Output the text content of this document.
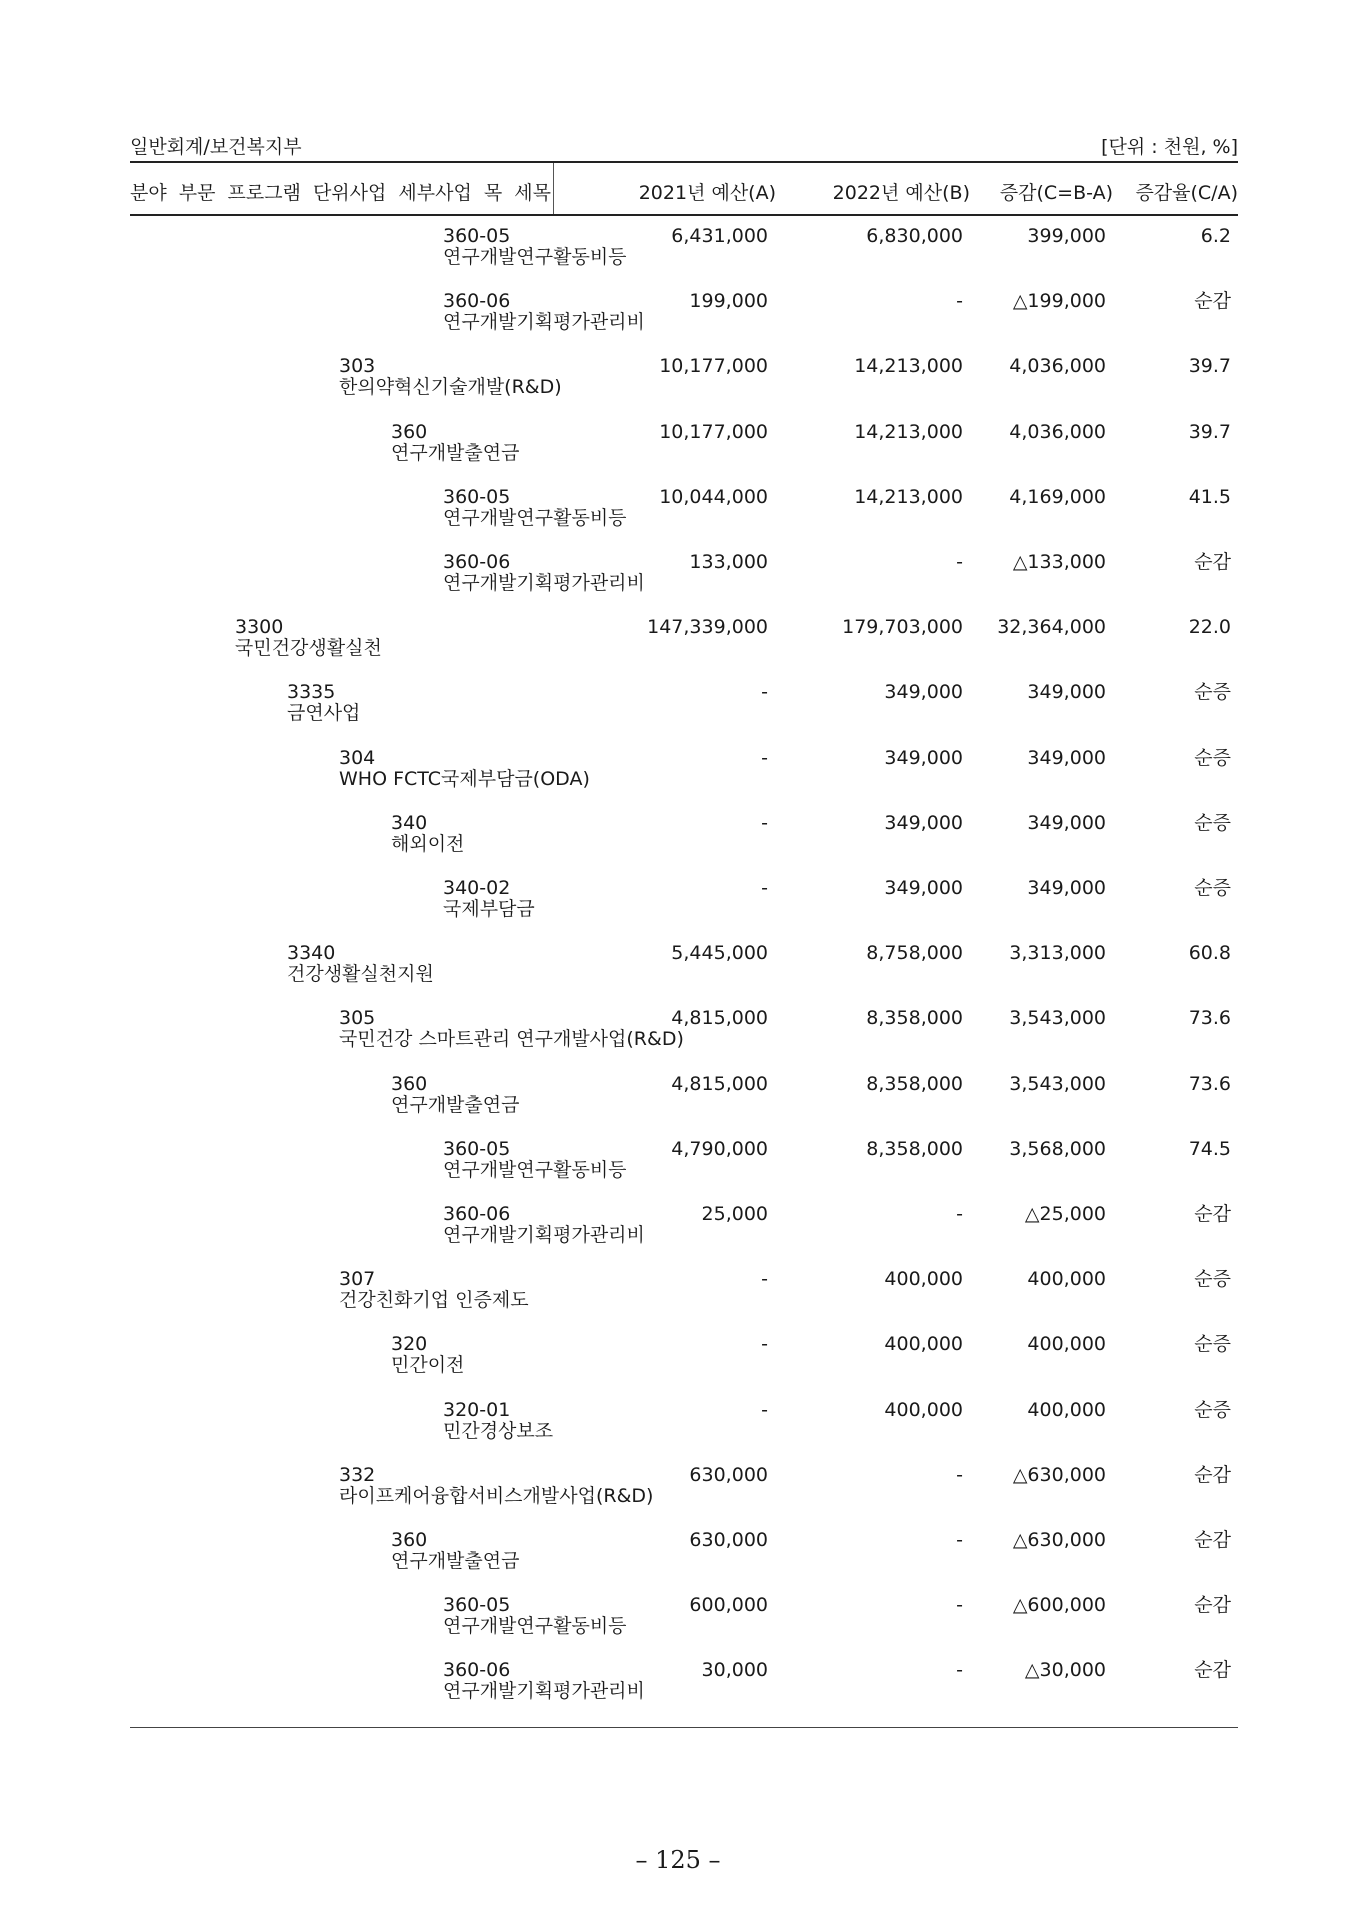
일반회계/보건복지부	[단위 : 천원, %]
분야 부문 프로그램 단위사업 세부사업 목 세목	2021년 예산(A)	2022년 예산(B) 증감(C=B-A) 증감율(C/A)
360-05
연구개발연구활동비등
6,431,000	6,830,000	399,000	6.2
360-06
연구개발기획평가관리비
199,000	-	△199,000	순감
303
한의약혁신기술개발(R&D)
10,177,000	14,213,000 4,036,000	39.7
360
연구개발출연금
10,177,000	14,213,000 4,036,000	39.7
360-05
연구개발연구활동비등
10,044,000	14,213,000 4,169,000	41.5
360-06
연구개발기획평가관리비
133,000	-	△133,000	순감
3300
국민건강생활실천
147,339,000	179,703,000 32,364,000	22.0
3335
금연사업
-	349,000	349,000	순증
304
WHO FCTC국제부담금(ODA)
-	349,000	349,000	순증
340
해외이전
-	349,000	349,000	순증
340-02
국제부담금
-	349,000	349,000	순증
3340
건강생활실천지원
5,445,000	8,758,000 3,313,000	60.8
305
국민건강 스마트관리 연구개발사업(R&D)
4,815,000	8,358,000 3,543,000	73.6
360
연구개발출연금
4,815,000	8,358,000 3,543,000	73.6
360-05
연구개발연구활동비등
4,790,000	8,358,000 3,568,000	74.5
360-06
연구개발기획평가관리비
25,000	-	△25,000	순감
307
건강친화기업 인증제도
-	400,000	400,000	순증
320
민간이전
-	400,000	400,000	순증
320-01
민간경상보조
-	400,000	400,000	순증
332
라이프케어융합서비스개발사업(R&D)
630,000	-	△630,000	순감
360
연구개발출연금
630,000	-	△630,000	순감
360-05
연구개발연구활동비등
600,000	-	△600,000	순감
360-06
연구개발기획평가관리비
30,000	-	△30,000	순감
– 125 –
